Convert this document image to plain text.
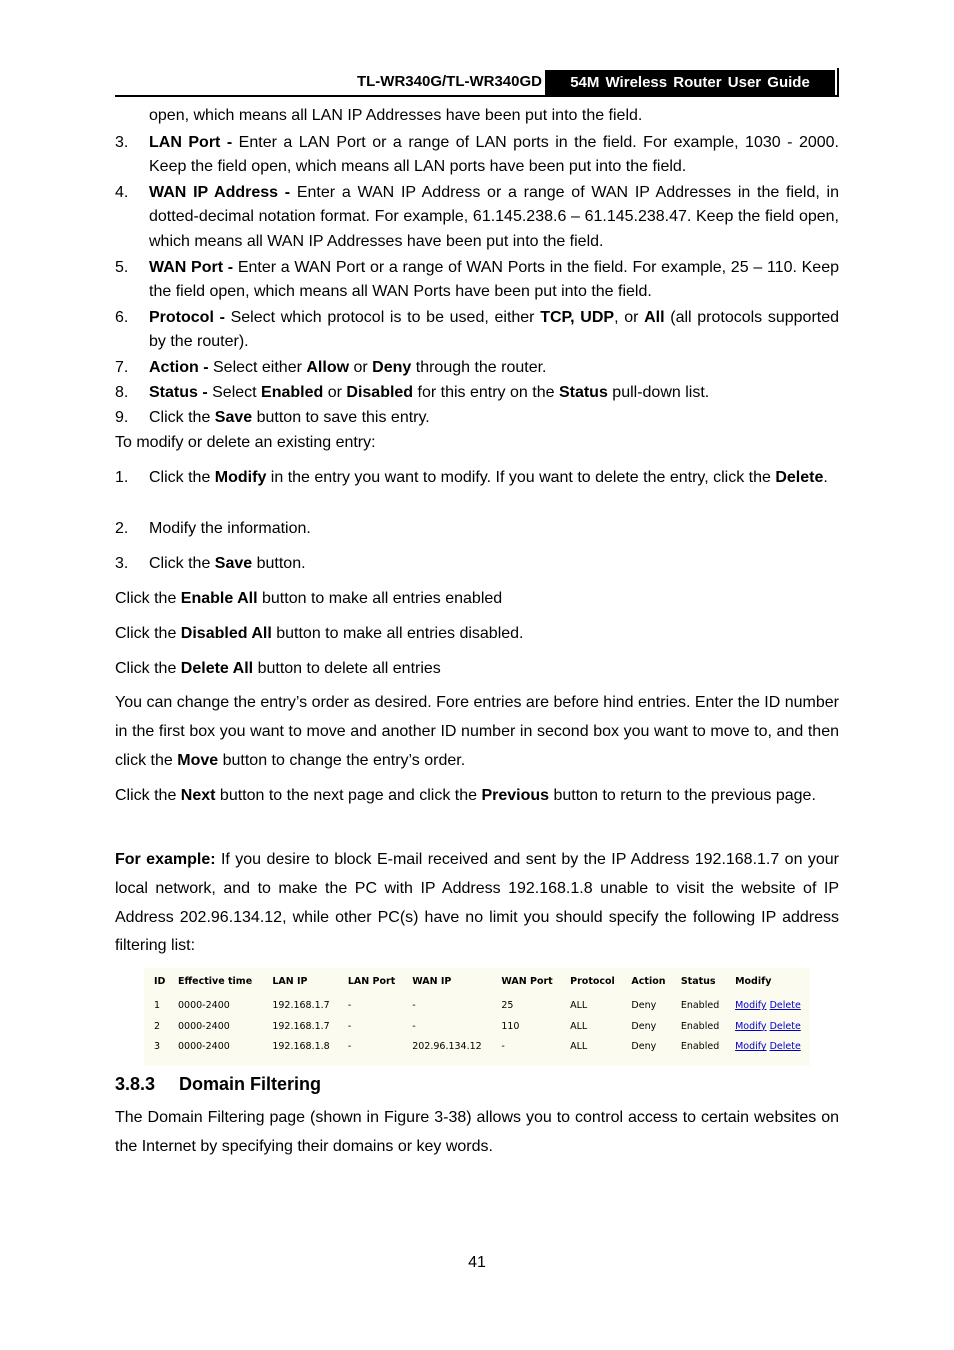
TL-WR340G/TL-WR340GD	54M Wireless Router User Guide
open, which means all LAN IP Addresses have been put into the field.
3. LAN Port - Enter a LAN Port or a range of LAN ports in the field. For example, 1030 - 2000. Keep the field open, which means all LAN ports have been put into the field.
4. WAN IP Address - Enter a WAN IP Address or a range of WAN IP Addresses in the field, in dotted-decimal notation format. For example, 61.145.238.6 – 61.145.238.47. Keep the field open, which means all WAN IP Addresses have been put into the field.
5. WAN Port - Enter a WAN Port or a range of WAN Ports in the field. For example, 25 – 110. Keep the field open, which means all WAN Ports have been put into the field.
6. Protocol - Select which protocol is to be used, either TCP, UDP, or All (all protocols supported by the router).
7. Action - Select either Allow or Deny through the router.
8. Status - Select Enabled or Disabled for this entry on the Status pull-down list.
9. Click the Save button to save this entry.
To modify or delete an existing entry:
1. Click the Modify in the entry you want to modify. If you want to delete the entry, click the Delete.
2. Modify the information.
3. Click the Save button.
Click the Enable All button to make all entries enabled
Click the Disabled All button to make all entries disabled.
Click the Delete All button to delete all entries
You can change the entry’s order as desired. Fore entries are before hind entries. Enter the ID number in the first box you want to move and another ID number in second box you want to move to, and then click the Move button to change the entry’s order.
Click the Next button to the next page and click the Previous button to return to the previous page.
For example: If you desire to block E-mail received and sent by the IP Address 192.168.1.7 on your local network, and to make the PC with IP Address 192.168.1.8 unable to visit the website of IP Address 202.96.134.12, while other PC(s) have no limit you should specify the following IP address filtering list:
ID	Effective time	LAN IP	LAN Port	WAN IP	WAN Port	Protocol	Action	Status	Modify
1	0000-2400	192.168.1.7	-	-	25	ALL	Deny	Enabled	Modify Delete
2	0000-2400	192.168.1.7	-	-	110	ALL	Deny	Enabled	Modify Delete
3	0000-2400	192.168.1.8	-	202.96.134.12	-	ALL	Deny	Enabled	Modify Delete
3.8.3 Domain Filtering
The Domain Filtering page (shown in Figure 3-38) allows you to control access to certain websites on the Internet by specifying their domains or key words.
41
